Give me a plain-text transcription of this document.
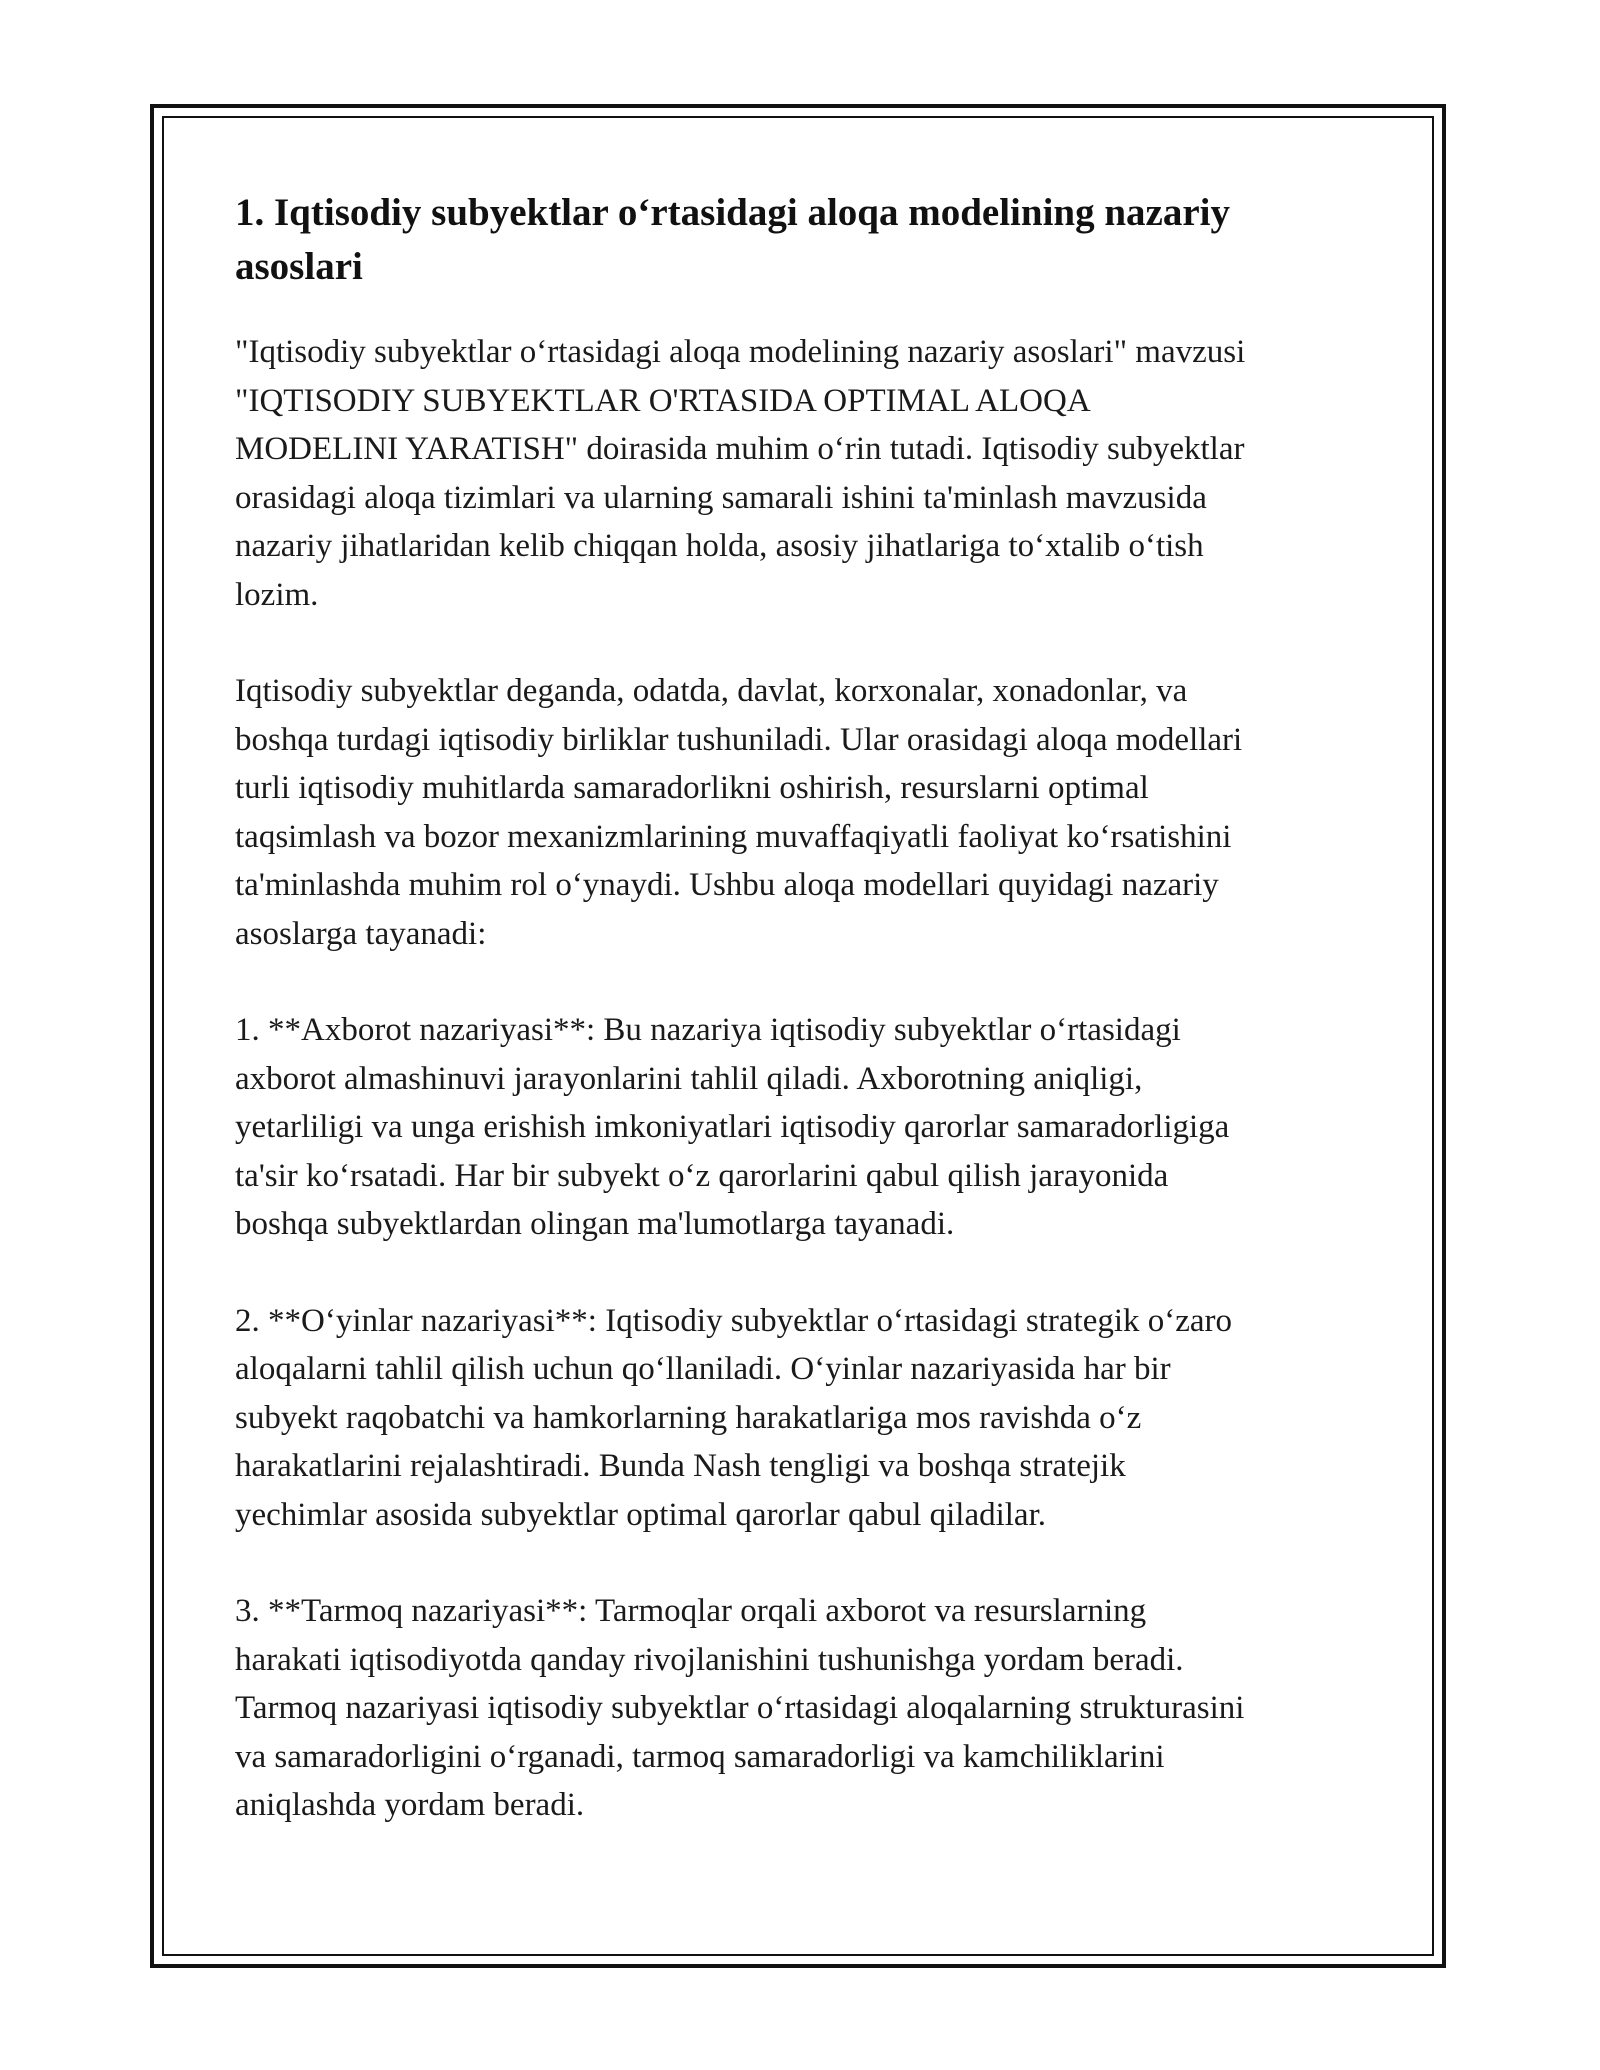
1. Iqtisodiy subyektlar oʻrtasidagi aloqa modelining nazariy
asoslari

"Iqtisodiy subyektlar oʻrtasidagi aloqa modelining nazariy asoslari" mavzusi
"IQTISODIY SUBYEKTLAR O'RTASIDA OPTIMAL ALOQA
MODELINI YARATISH" doirasida muhim oʻrin tutadi. Iqtisodiy subyektlar
orasidagi aloqa tizimlari va ularning samarali ishini ta'minlash mavzusida
nazariy jihatlaridan kelib chiqqan holda, asosiy jihatlariga toʻxtalib oʻtish
lozim.

Iqtisodiy subyektlar deganda, odatda, davlat, korxonalar, xonadonlar, va
boshqa turdagi iqtisodiy birliklar tushuniladi. Ular orasidagi aloqa modellari
turli iqtisodiy muhitlarda samaradorlikni oshirish, resurslarni optimal
taqsimlash va bozor mexanizmlarining muvaffaqiyatli faoliyat koʻrsatishini
ta'minlashda muhim rol oʻynaydi. Ushbu aloqa modellari quyidagi nazariy
asoslarga tayanadi:

1. **Axborot nazariyasi**: Bu nazariya iqtisodiy subyektlar oʻrtasidagi
axborot almashinuvi jarayonlarini tahlil qiladi. Axborotning aniqligi,
yetarliligi va unga erishish imkoniyatlari iqtisodiy qarorlar samaradorligiga
ta'sir koʻrsatadi. Har bir subyekt oʻz qarorlarini qabul qilish jarayonida
boshqa subyektlardan olingan ma'lumotlarga tayanadi.

2. **Oʻyinlar nazariyasi**: Iqtisodiy subyektlar oʻrtasidagi strategik oʻzaro
aloqalarni tahlil qilish uchun qoʻllaniladi. Oʻyinlar nazariyasida har bir
subyekt raqobatchi va hamkorlarning harakatlariga mos ravishda oʻz
harakatlarini rejalashtiradi. Bunda Nash tengligi va boshqa stratejik
yechimlar asosida subyektlar optimal qarorlar qabul qiladilar.

3. **Tarmoq nazariyasi**: Tarmoqlar orqali axborot va resurslarning
harakati iqtisodiyotda qanday rivojlanishini tushunishga yordam beradi.
Tarmoq nazariyasi iqtisodiy subyektlar oʻrtasidagi aloqalarning strukturasini
va samaradorligini oʻrganadi, tarmoq samaradorligi va kamchiliklarini
aniqlashda yordam beradi.
